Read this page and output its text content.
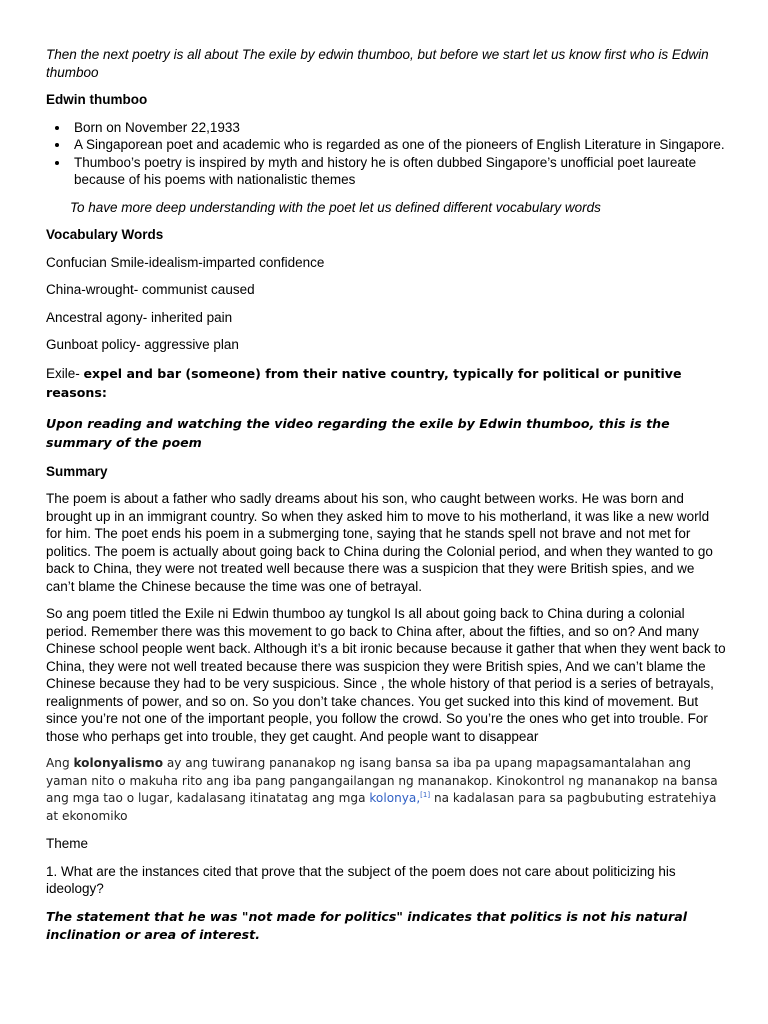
Then the next poetry is all about The exile by edwin thumboo, but before we start let us know first who is Edwin thumboo

Edwin thumboo

• Born on November 22,1933
• A Singaporean poet and academic who is regarded as one of the pioneers of English Literature in Singapore.
• Thumboo’s poetry is inspired by myth and history he is often dubbed Singapore’s unofficial poet laureate because of his poems with nationalistic themes

To have more deep understanding with the poet let us defined different vocabulary words

Vocabulary Words

Confucian Smile-idealism-imparted confidence

China-wrought- communist caused

Ancestral agony- inherited pain

Gunboat policy- aggressive plan

Exile- expel and bar (someone) from their native country, typically for political or punitive reasons:

Upon reading and watching the video regarding the exile by Edwin thumboo, this is the summary of the poem

Summary

The poem is about a father who sadly dreams about his son, who caught between works. He was born and brought up in an immigrant country. So when they asked him to move to his motherland, it was like a new world for him. The poet ends his poem in a submerging tone, saying that he stands spell not brave and not met for politics. The poem is actually about going back to China during the Colonial period, and when they wanted to go back to China, they were not treated well because there was a suspicion that they were British spies, and we can’t blame the Chinese because the time was one of betrayal.

So ang poem titled the Exile ni Edwin thumboo ay tungkol Is all about going back to China during a colonial period. Remember there was this movement to go back to China after, about the fifties, and so on? And many Chinese school people went back. Although it’s a bit ironic because because it gather that when they went back to China, they were not well treated because there was suspicion they were British spies, And we can’t blame the Chinese because they had to be very suspicious. Since , the whole history of that period is a series of betrayals, realignments of power, and so on. So you don’t take chances. You get sucked into this kind of movement. But since you’re not one of the important people, you follow the crowd. So you’re the ones who get into trouble. For those who perhaps get into trouble, they get caught. And people want to disappear

Ang kolonyalismo ay ang tuwirang pananakop ng isang bansa sa iba pa upang mapagsamantalahan ang yaman nito o makuha rito ang iba pang pangangailangan ng mananakop. Kinokontrol ng mananakop na bansa ang mga tao o lugar, kadalasang itinatatag ang mga kolonya,[1] na kadalasan para sa pagbubuting estratehiya at ekonomiko

Theme

1. What are the instances cited that prove that the subject of the poem does not care about politicizing his ideology?

The statement that he was "not made for politics" indicates that politics is not his natural inclination or area of interest.
